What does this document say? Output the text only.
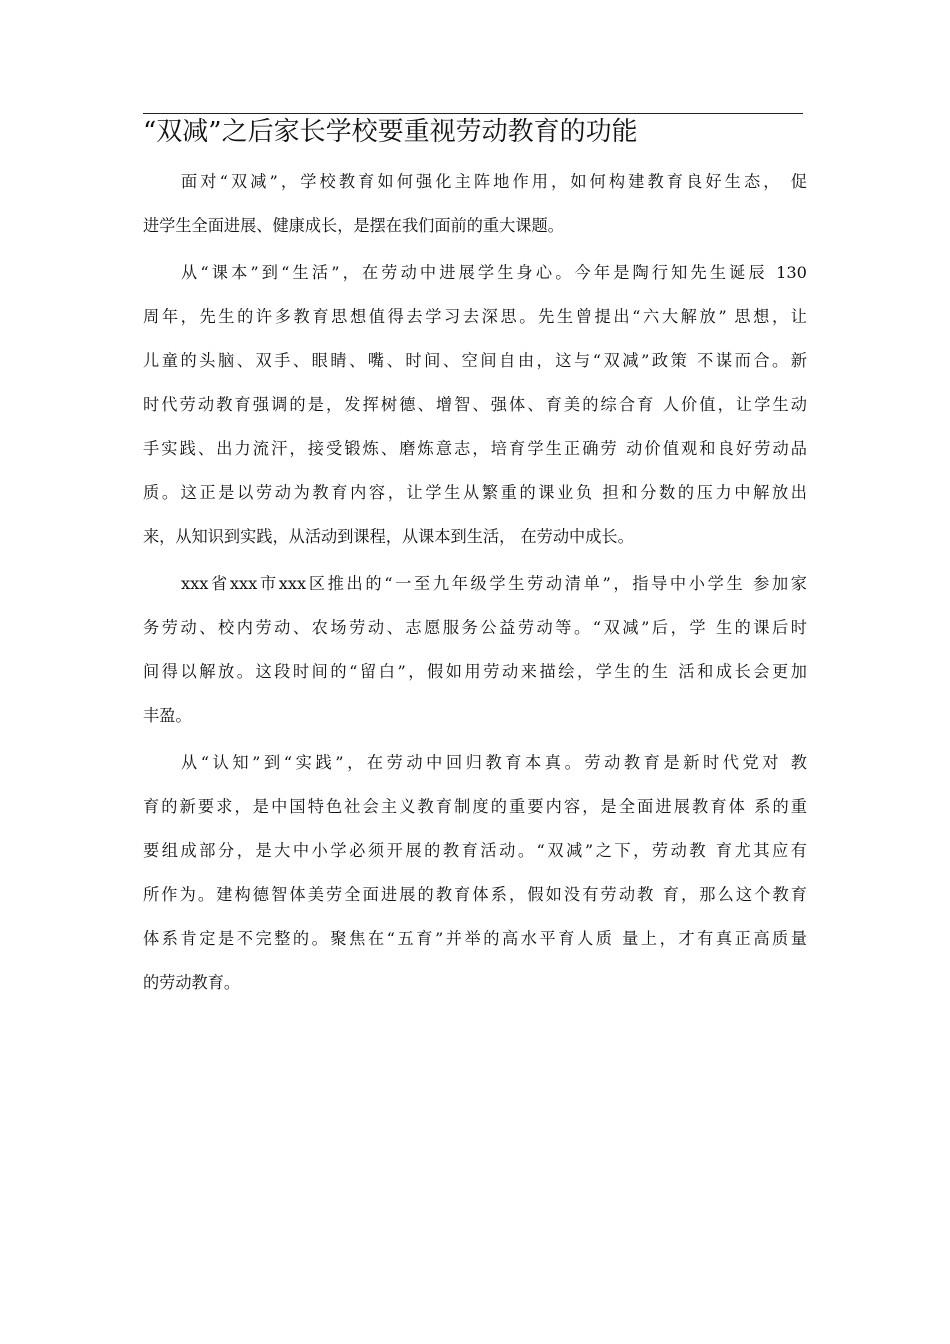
“双减”之后家长学校要重视劳动教育的功能
面对“双减”，学校教育如何强化主阵地作用，如何构建教育良好生态， 促
进学生全面进展、健康成长，是摆在我们面前的重大课题。
从“课本”到“生活”，在劳动中进展学生身心。今年是陶行知先生诞辰 130
周年，先生的许多教育思想值得去学习去深思。先生曾提出“六大解放” 思想，让
儿童的头脑、双手、眼睛、嘴、时间、空间自由，这与“双减”政策 不谋而合。新
时代劳动教育强调的是，发挥树德、增智、强体、育美的综合育 人价值，让学生动
手实践、出力流汗，接受锻炼、磨炼意志，培育学生正确劳 动价值观和良好劳动品
质。这正是以劳动为教育内容，让学生从繁重的课业负 担和分数的压力中解放出
来，从知识到实践，从活动到课程，从课本到生活， 在劳动中成长。
xxx省xxx市xxx区推出的“一至九年级学生劳动清单”，指导中小学生 参加家
务劳动、校内劳动、农场劳动、志愿服务公益劳动等。“双减”后，学 生的课后时
间得以解放。这段时间的“留白”，假如用劳动来描绘，学生的生 活和成长会更加
丰盈。
从“认知”到“实践”，在劳动中回归教育本真。劳动教育是新时代党对 教
育的新要求，是中国特色社会主义教育制度的重要内容，是全面进展教育体 系的重
要组成部分，是大中小学必须开展的教育活动。“双减”之下，劳动教 育尤其应有
所作为。建构德智体美劳全面进展的教育体系，假如没有劳动教 育，那么这个教育
体系肯定是不完整的。聚焦在“五育”并举的高水平育人质 量上，才有真正高质量
的劳动教育。
